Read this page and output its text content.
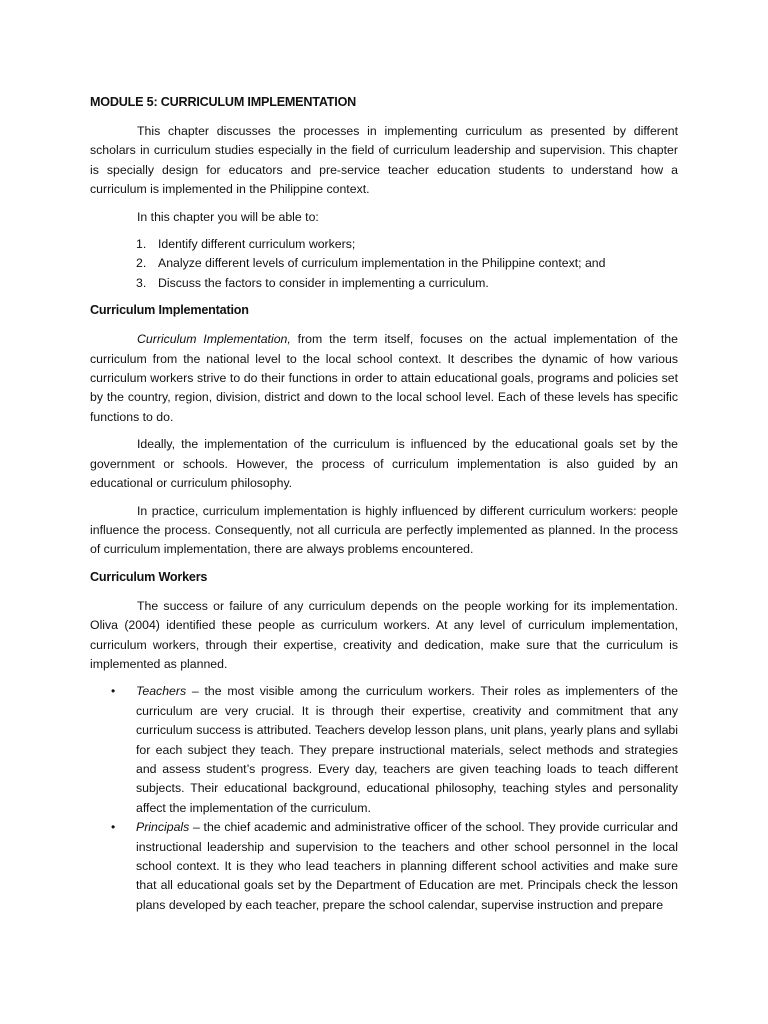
MODULE 5: CURRICULUM IMPLEMENTATION

This chapter discusses the processes in implementing curriculum as presented by different scholars in curriculum studies especially in the field of curriculum leadership and supervision. This chapter is specially design for educators and pre-service teacher education students to understand how a curriculum is implemented in the Philippine context.

In this chapter you will be able to:

1. Identify different curriculum workers;
2. Analyze different levels of curriculum implementation in the Philippine context; and
3. Discuss the factors to consider in implementing a curriculum.
Curriculum Implementation

Curriculum Implementation, from the term itself, focuses on the actual implementation of the curriculum from the national level to the local school context. It describes the dynamic of how various curriculum workers strive to do their functions in order to attain educational goals, programs and policies set by the country, region, division, district and down to the local school level. Each of these levels has specific functions to do.

Ideally, the implementation of the curriculum is influenced by the educational goals set by the government or schools. However, the process of curriculum implementation is also guided by an educational or curriculum philosophy.

In practice, curriculum implementation is highly influenced by different curriculum workers: people influence the process. Consequently, not all curricula are perfectly implemented as planned. In the process of curriculum implementation, there are always problems encountered.

Curriculum Workers

The success or failure of any curriculum depends on the people working for its implementation. Oliva (2004) identified these people as curriculum workers. At any level of curriculum implementation, curriculum workers, through their expertise, creativity and dedication, make sure that the curriculum is implemented as planned.

• Teachers – the most visible among the curriculum workers. Their roles as implementers of the curriculum are very crucial. It is through their expertise, creativity and commitment that any curriculum success is attributed. Teachers develop lesson plans, unit plans, yearly plans and syllabi for each subject they teach. They prepare instructional materials, select methods and strategies and assess student’s progress. Every day, teachers are given teaching loads to teach different subjects. Their educational background, educational philosophy, teaching styles and personality affect the implementation of the curriculum.
• Principals – the chief academic and administrative officer of the school. They provide curricular and instructional leadership and supervision to the teachers and other school personnel in the local school context. It is they who lead teachers in planning different school activities and make sure that all educational goals set by the Department of Education are met. Principals check the lesson plans developed by each teacher, prepare the school calendar, supervise instruction and prepare
